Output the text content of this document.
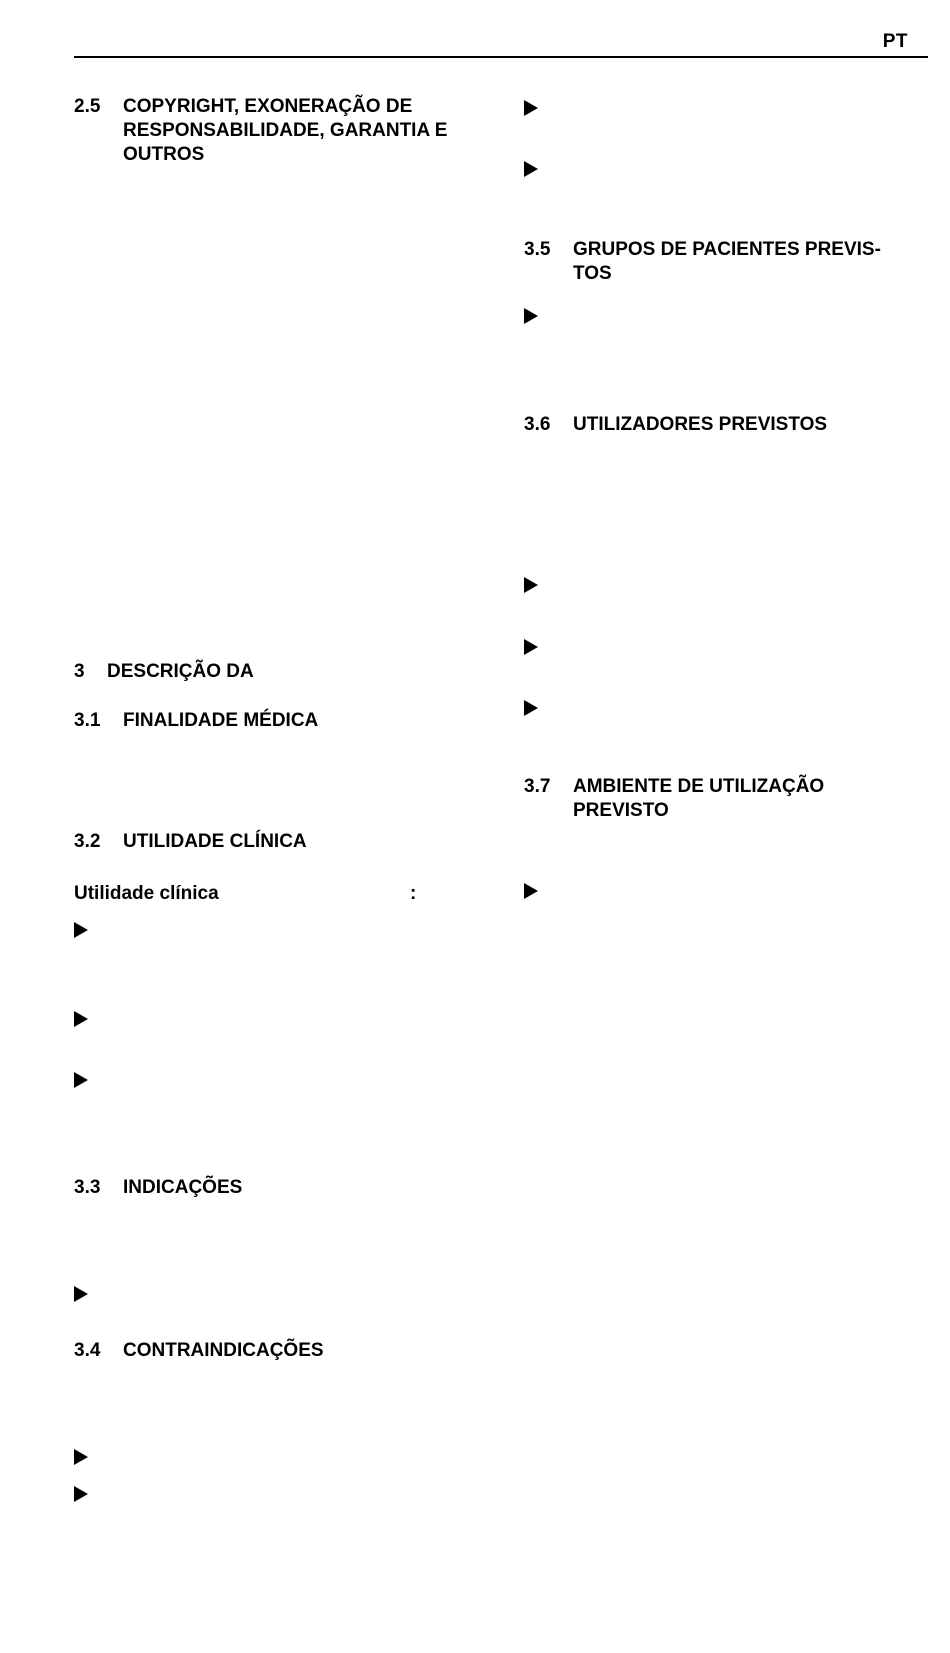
PT
2.5 COPYRIGHT, EXONERAÇÃO DE RESPONSABILIDADE, GARANTIA E OUTROS
3 DESCRIÇÃO DA
3.1 FINALIDADE MÉDICA
3.2 UTILIDADE CLÍNICA
Utilidade clínica	:
3.3 INDICAÇÕES
3.4 CONTRAINDICAÇÕES
3.5 GRUPOS DE PACIENTES PREVIS-TOS
3.6 UTILIZADORES PREVISTOS
3.7 AMBIENTE DE UTILIZAÇÃO PREVISTO
